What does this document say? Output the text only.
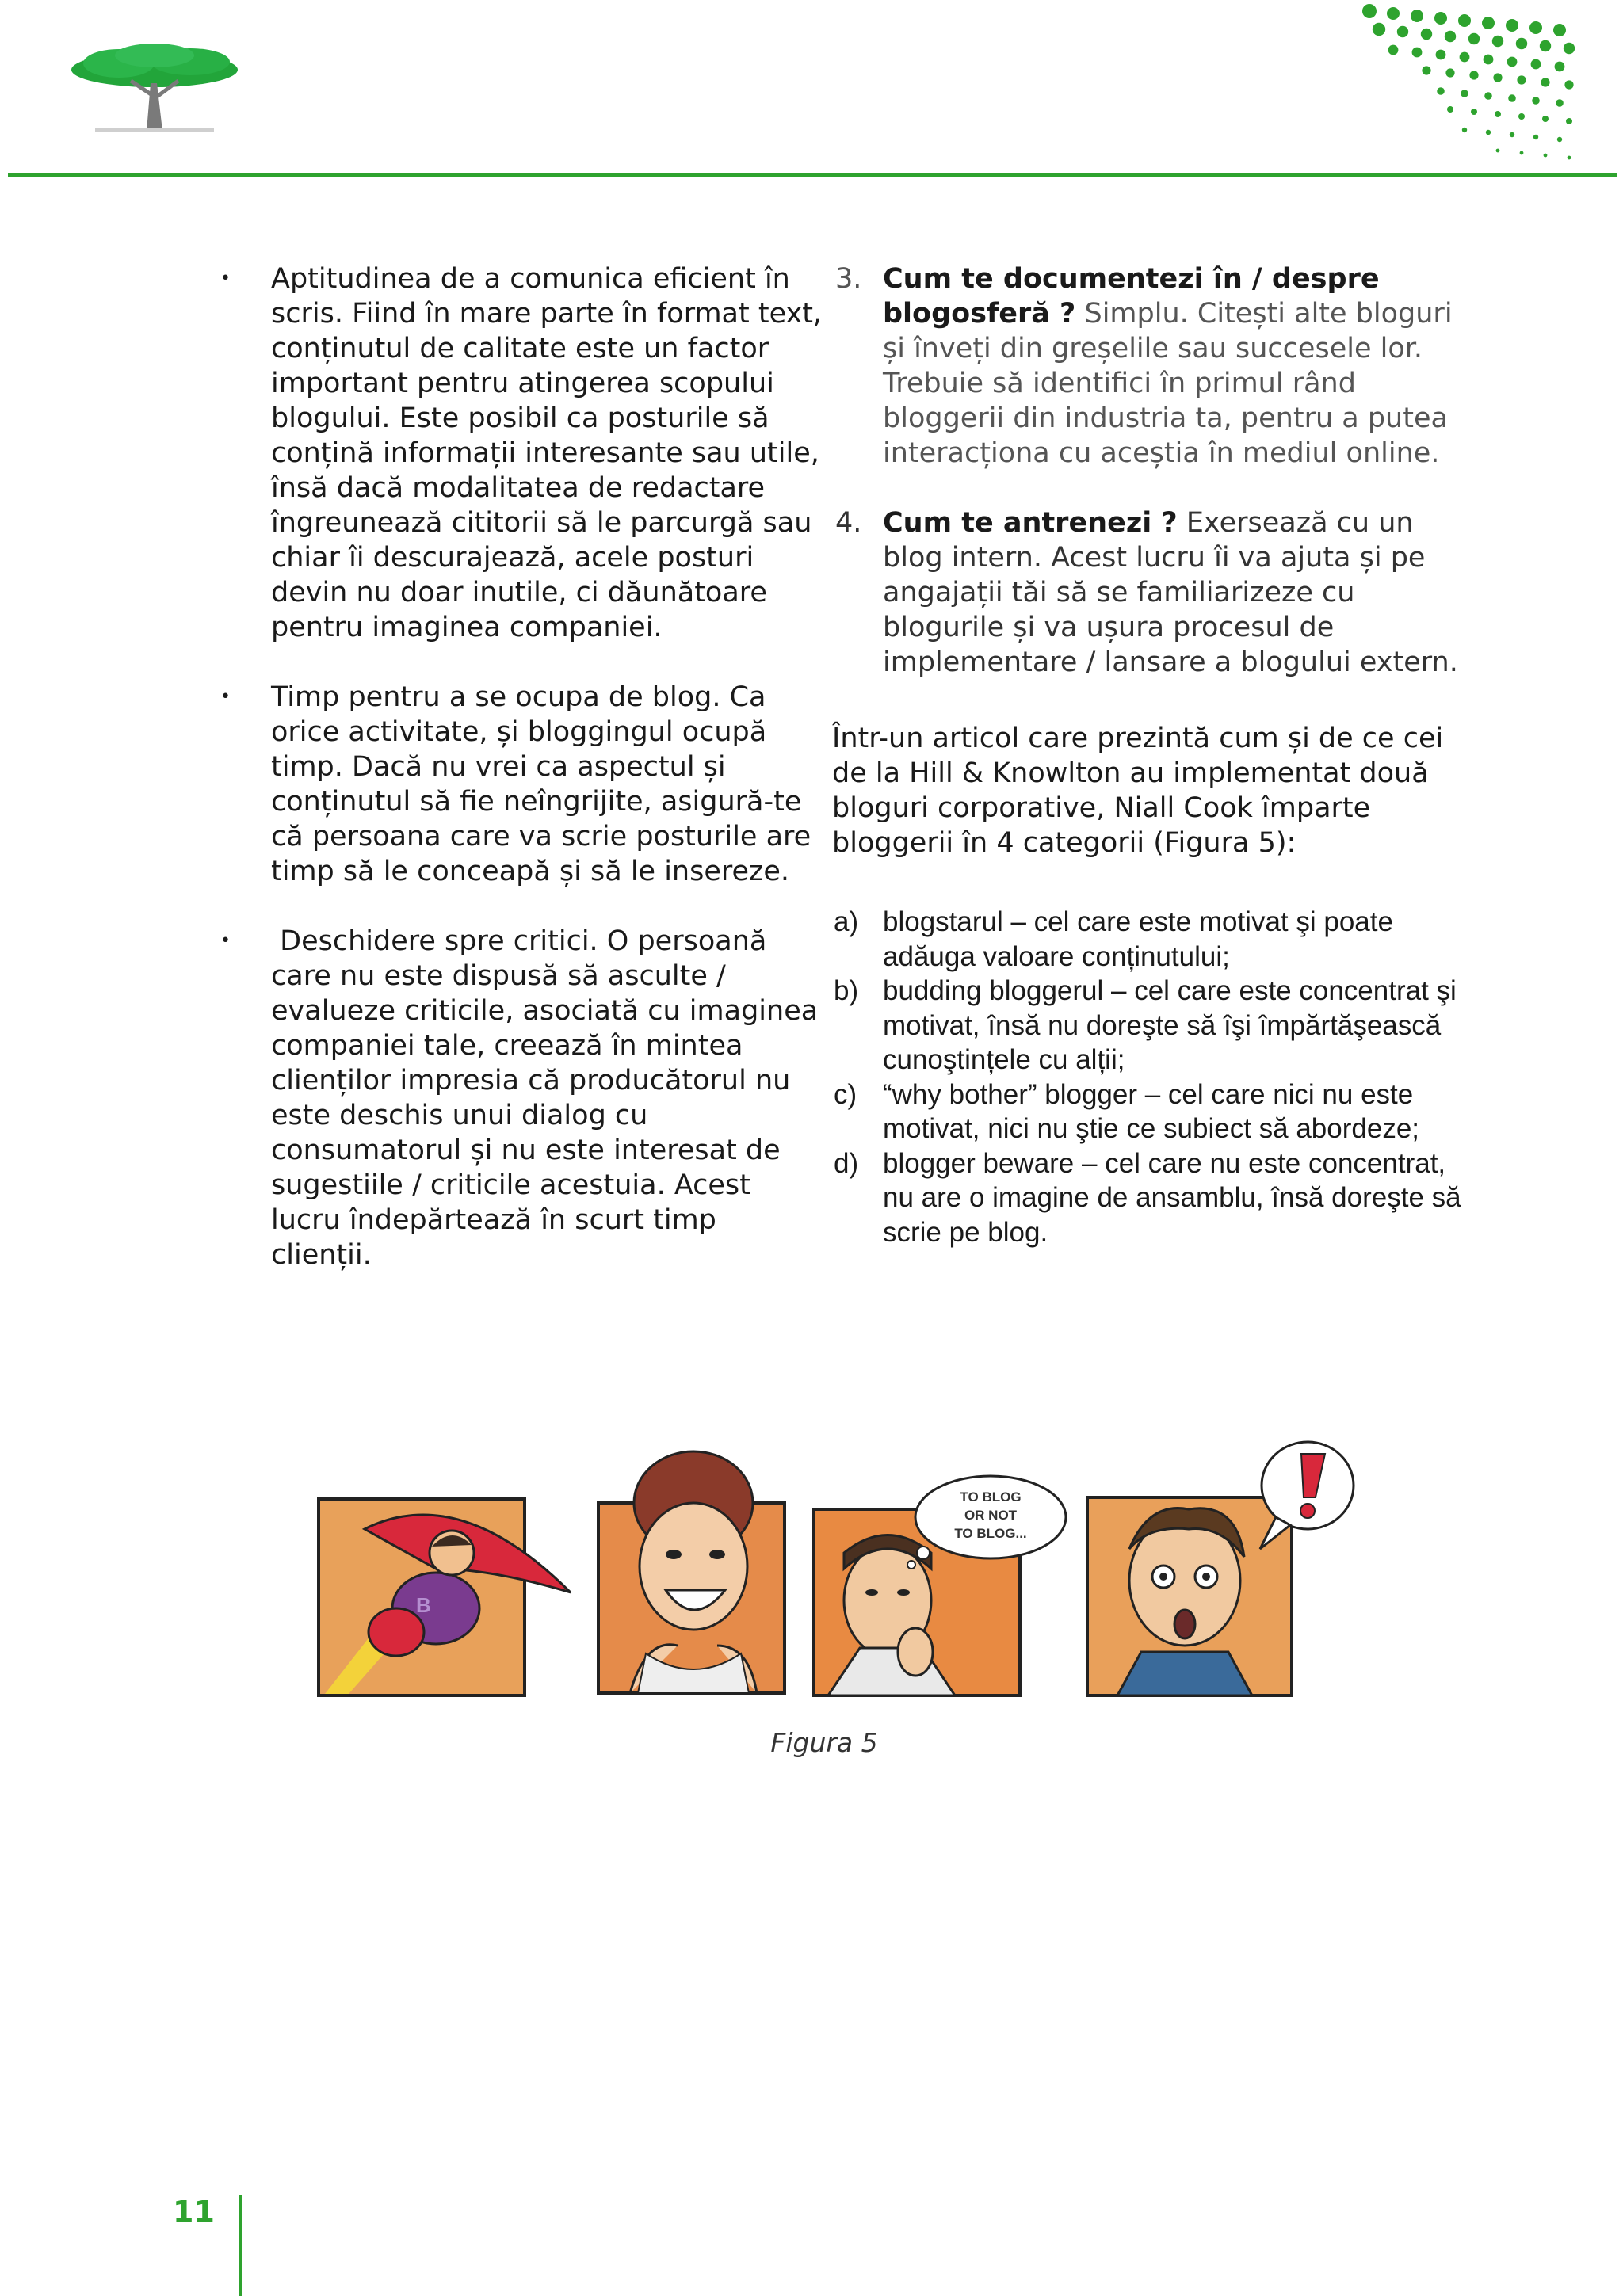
• Aptitudinea de a comunica eficient în scris. Fiind în mare parte în format text, conținutul de calitate este un factor important pentru atingerea scopului blogului. Este posibil ca posturile să conțină informații interesante sau utile, însă dacă modalitatea de redactare îngreunează cititorii să le parcurgă sau chiar îi descurajează, acele posturi devin nu doar inutile, ci dăunătoare pentru imaginea companiei.
• Timp pentru a se ocupa de blog. Ca orice activitate, și bloggingul ocupă timp. Dacă nu vrei ca aspectul și conținutul să fie neîngrijite, asigură-te că persoana care va scrie posturile are timp să le conceapă și să le insereze.
• Deschidere spre critici. O persoană care nu este dispusă să asculte / evalueze criticile, asociată cu imaginea companiei tale, creează în mintea clienților impresia că producătorul nu este deschis unui dialog cu consumatorul și nu este interesat de sugestiile / criticile acestuia. Acest lucru îndepărtează în scurt timp clienții.
3. Cum te documentezi în / despre blogosferă ? Simplu. Citești alte bloguri și înveți din greșelile sau succesele lor. Trebuie să identifici în primul rând bloggerii din industria ta, pentru a putea interacționa cu aceștia în mediul online.
4. Cum te antrenezi ? Exersează cu un blog intern. Acest lucru îi va ajuta și pe angajații tăi să se familiarizeze cu blogurile și va ușura procesul de implementare / lansare a blogului extern.
Într-un articol care prezintă cum și de ce cei de la Hill & Knowlton au implementat două bloguri corporative, Niall Cook împarte bloggerii în 4 categorii (Figura 5):
a) blogstarul – cel care este motivat şi poate adăuga valoare conținutului;
b) budding bloggerul – cel care este concentrat şi motivat, însă nu doreşte să îşi împărtăşească cunoştințele cu alții;
c) “why bother” blogger – cel care nici nu este motivat, nici nu ştie ce subiect să abordeze;
d) blogger beware – cel care nu este concentrat, nu are o imagine de ansamblu, însă doreşte să scrie pe blog.
B
TO BLOG
OR NOT
TO BLOG...
Figura 5
11
